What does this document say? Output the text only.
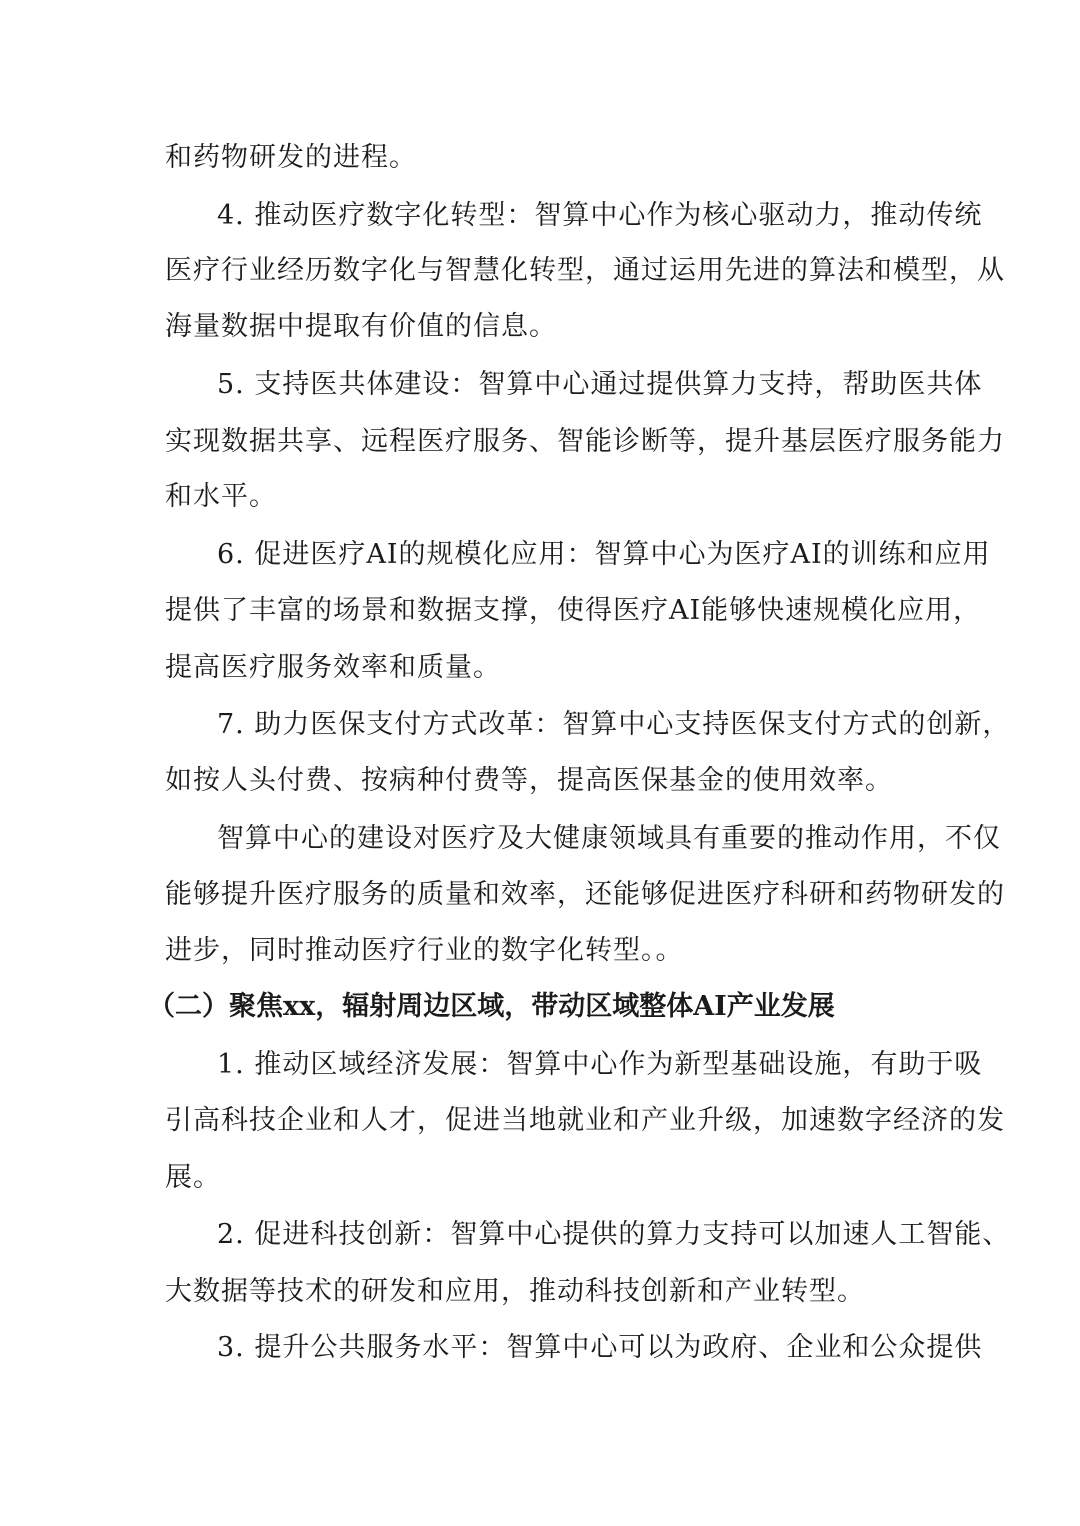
和药物研发的进程。
4. 推动医疗数字化转型：智算中心作为核心驱动力，推动传统
医疗行业经历数字化与智慧化转型，通过运用先进的算法和模型，从
海量数据中提取有价值的信息。
5. 支持医共体建设：智算中心通过提供算力支持，帮助医共体
实现数据共享、远程医疗服务、智能诊断等，提升基层医疗服务能力
和水平。
6. 促进医疗AI的规模化应用：智算中心为医疗AI的训练和应用
提供了丰富的场景和数据支撑，使得医疗AI能够快速规模化应用，
提高医疗服务效率和质量。
7. 助力医保支付方式改革：智算中心支持医保支付方式的创新，
如按人头付费、按病种付费等，提高医保基金的使用效率。
智算中心的建设对医疗及大健康领域具有重要的推动作用，不仅
能够提升医疗服务的质量和效率，还能够促进医疗科研和药物研发的
进步，同时推动医疗行业的数字化转型。。
（二）聚焦xx，辐射周边区域，带动区域整体AI产业发展
1. 推动区域经济发展：智算中心作为新型基础设施，有助于吸
引高科技企业和人才，促进当地就业和产业升级，加速数字经济的发
展。
2. 促进科技创新：智算中心提供的算力支持可以加速人工智能、
大数据等技术的研发和应用，推动科技创新和产业转型。
3. 提升公共服务水平：智算中心可以为政府、企业和公众提供
